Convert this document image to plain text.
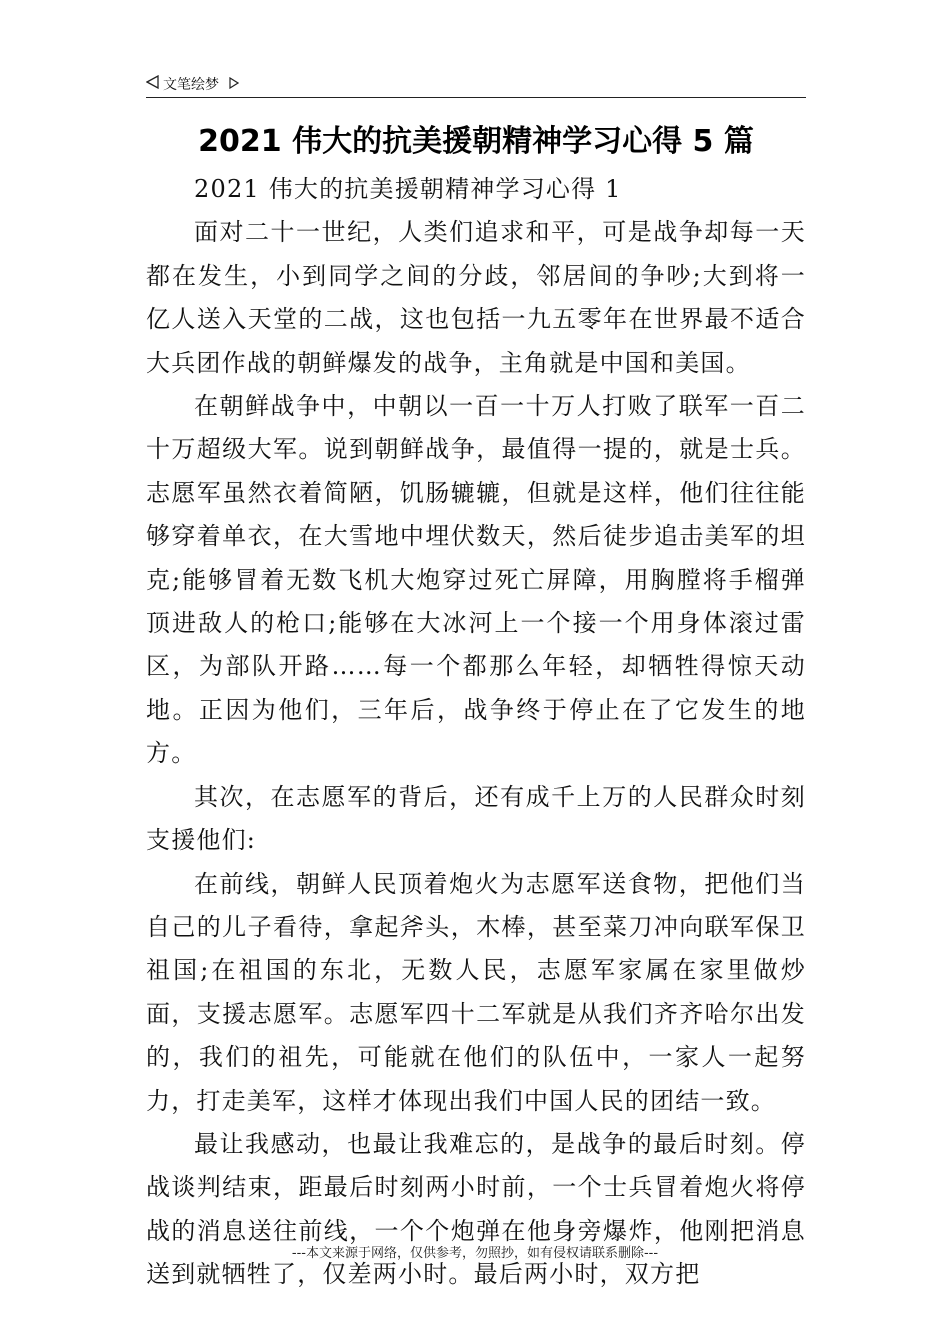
文笔绘梦
2021 伟大的抗美援朝精神学习心得 5 篇

2021 伟大的抗美援朝精神学习心得 1

面对二十一世纪，人类们追求和平，可是战争却每一天都在发生，小到同学之间的分歧，邻居间的争吵;大到将一亿人送入天堂的二战，这也包括一九五零年在世界最不适合大兵团作战的朝鲜爆发的战争，主角就是中国和美国。

在朝鲜战争中，中朝以一百一十万人打败了联军一百二十万超级大军。说到朝鲜战争，最值得一提的，就是士兵。志愿军虽然衣着简陋，饥肠辘辘，但就是这样，他们往往能够穿着单衣，在大雪地中埋伏数天，然后徒步追击美军的坦克;能够冒着无数飞机大炮穿过死亡屏障，用胸膛将手榴弹顶进敌人的枪口;能够在大冰河上一个接一个用身体滚过雷区，为部队开路……每一个都那么年轻，却牺牲得惊天动地。正因为他们，三年后，战争终于停止在了它发生的地方。

其次，在志愿军的背后，还有成千上万的人民群众时刻支援他们:

在前线，朝鲜人民顶着炮火为志愿军送食物，把他们当自己的儿子看待，拿起斧头，木棒，甚至菜刀冲向联军保卫祖国;在祖国的东北，无数人民，志愿军家属在家里做炒面，支援志愿军。志愿军四十二军就是从我们齐齐哈尔出发的，我们的祖先，可能就在他们的队伍中，一家人一起努力，打走美军，这样才体现出我们中国人民的团结一致。

最让我感动，也最让我难忘的，是战争的最后时刻。停战谈判结束，距最后时刻两小时前，一个士兵冒着炮火将停战的消息送往前线，一个个炮弹在他身旁爆炸，他刚把消息送到就牺牲了，仅差两小时。最后两小时，双方把

---本文来源于网络，仅供参考，勿照抄，如有侵权请联系删除---
